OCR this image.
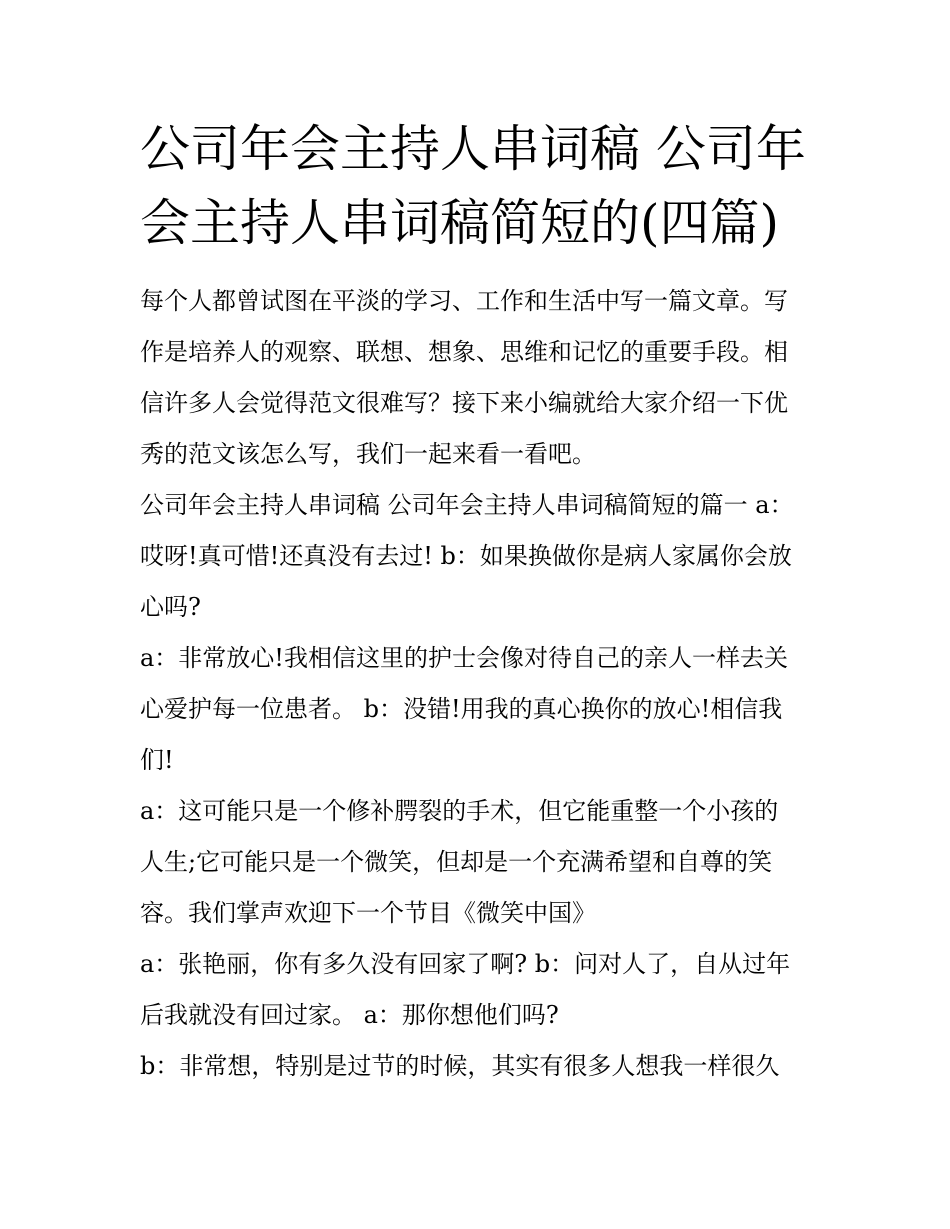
公司年会主持人串词稿 公司年
会主持人串词稿简短的(四篇)

每个人都曾试图在平淡的学习、工作和生活中写一篇文章。写
作是培养人的观察、联想、想象、思维和记忆的重要手段。相
信许多人会觉得范文很难写？接下来小编就给大家介绍一下优
秀的范文该怎么写，我们一起来看一看吧。

公司年会主持人串词稿 公司年会主持人串词稿简短的篇一 a：
哎呀!真可惜!还真没有去过! b：如果换做你是病人家属你会放
心吗?

a：非常放心!我相信这里的护士会像对待自己的亲人一样去关
心爱护每一位患者。 b：没错!用我的真心换你的放心!相信我
们!

a：这可能只是一个修补腭裂的手术，但它能重整一个小孩的
人生;它可能只是一个微笑，但却是一个充满希望和自尊的笑
容。我们掌声欢迎下一个节目《微笑中国》

a：张艳丽，你有多久没有回家了啊? b：问对人了，自从过年
后我就没有回过家。 a：那你想他们吗?

b：非常想，特别是过节的时候，其实有很多人想我一样很久
